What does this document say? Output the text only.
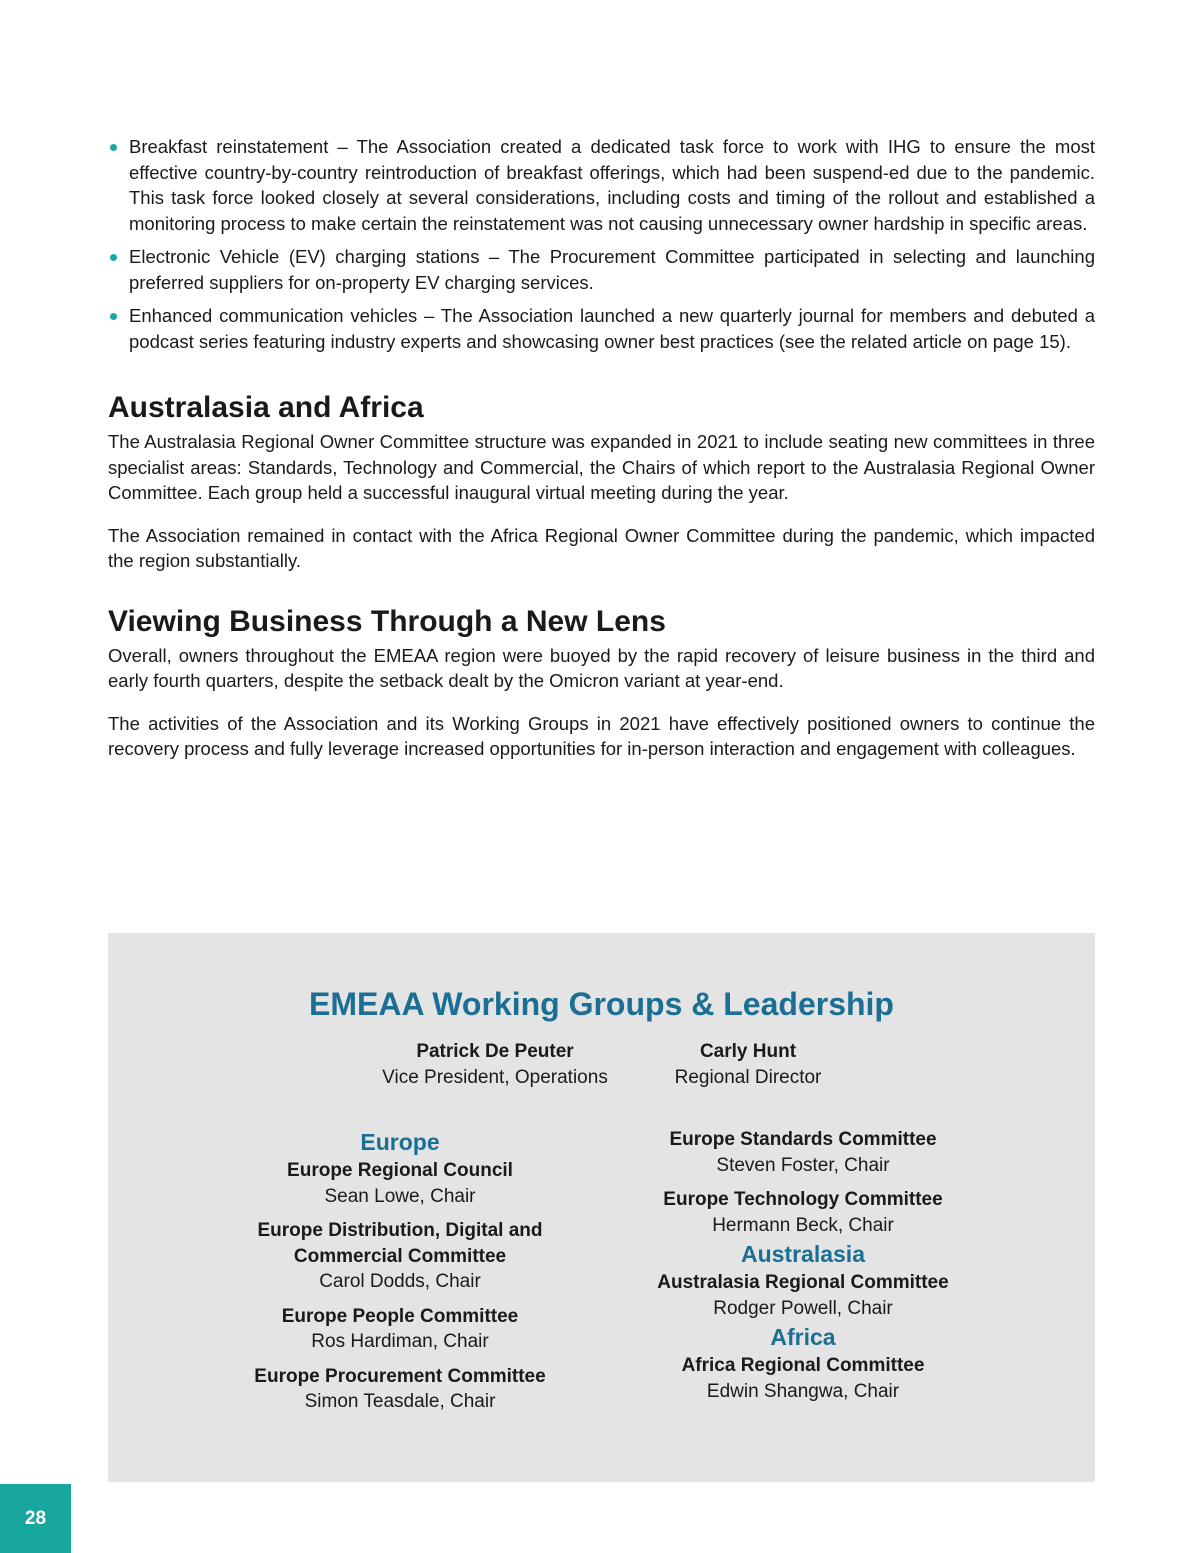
Breakfast reinstatement – The Association created a dedicated task force to work with IHG to ensure the most effective country-by-country reintroduction of breakfast offerings, which had been suspend-ed due to the pandemic. This task force looked closely at several considerations, including costs and timing of the rollout and established a monitoring process to make certain the reinstatement was not causing unnecessary owner hardship in specific areas.
Electronic Vehicle (EV) charging stations – The Procurement Committee participated in selecting and launching preferred suppliers for on-property EV charging services.
Enhanced communication vehicles – The Association launched a new quarterly journal for members and debuted a podcast series featuring industry experts and showcasing owner best practices (see the related article on page 15).
Australasia and Africa

The Australasia Regional Owner Committee structure was expanded in 2021 to include seating new committees in three specialist areas: Standards, Technology and Commercial, the Chairs of which report to the Australasia Regional Owner Committee. Each group held a successful inaugural virtual meeting during the year.

The Association remained in contact with the Africa Regional Owner Committee during the pandemic, which impacted the region substantially.

Viewing Business Through a New Lens

Overall, owners throughout the EMEAA region were buoyed by the rapid recovery of leisure business in the third and early fourth quarters, despite the setback dealt by the Omicron variant at year-end.

The activities of the Association and its Working Groups in 2021 have effectively positioned owners to continue the recovery process and fully leverage increased opportunities for in-person interaction and engagement with colleagues.

EMEAA Working Groups & Leadership
Patrick De Peuter
Vice President, Operations
Carly Hunt
Regional Director
Europe
Europe Regional Council
Sean Lowe, Chair
Europe Distribution, Digital and Commercial Committee
Carol Dodds, Chair
Europe People Committee
Ros Hardiman, Chair
Europe Procurement Committee
Simon Teasdale, Chair
Europe Standards Committee
Steven Foster, Chair
Europe Technology Committee
Hermann Beck, Chair
Australasia
Australasia Regional Committee
Rodger Powell, Chair
Africa
Africa Regional Committee
Edwin Shangwa, Chair
28
